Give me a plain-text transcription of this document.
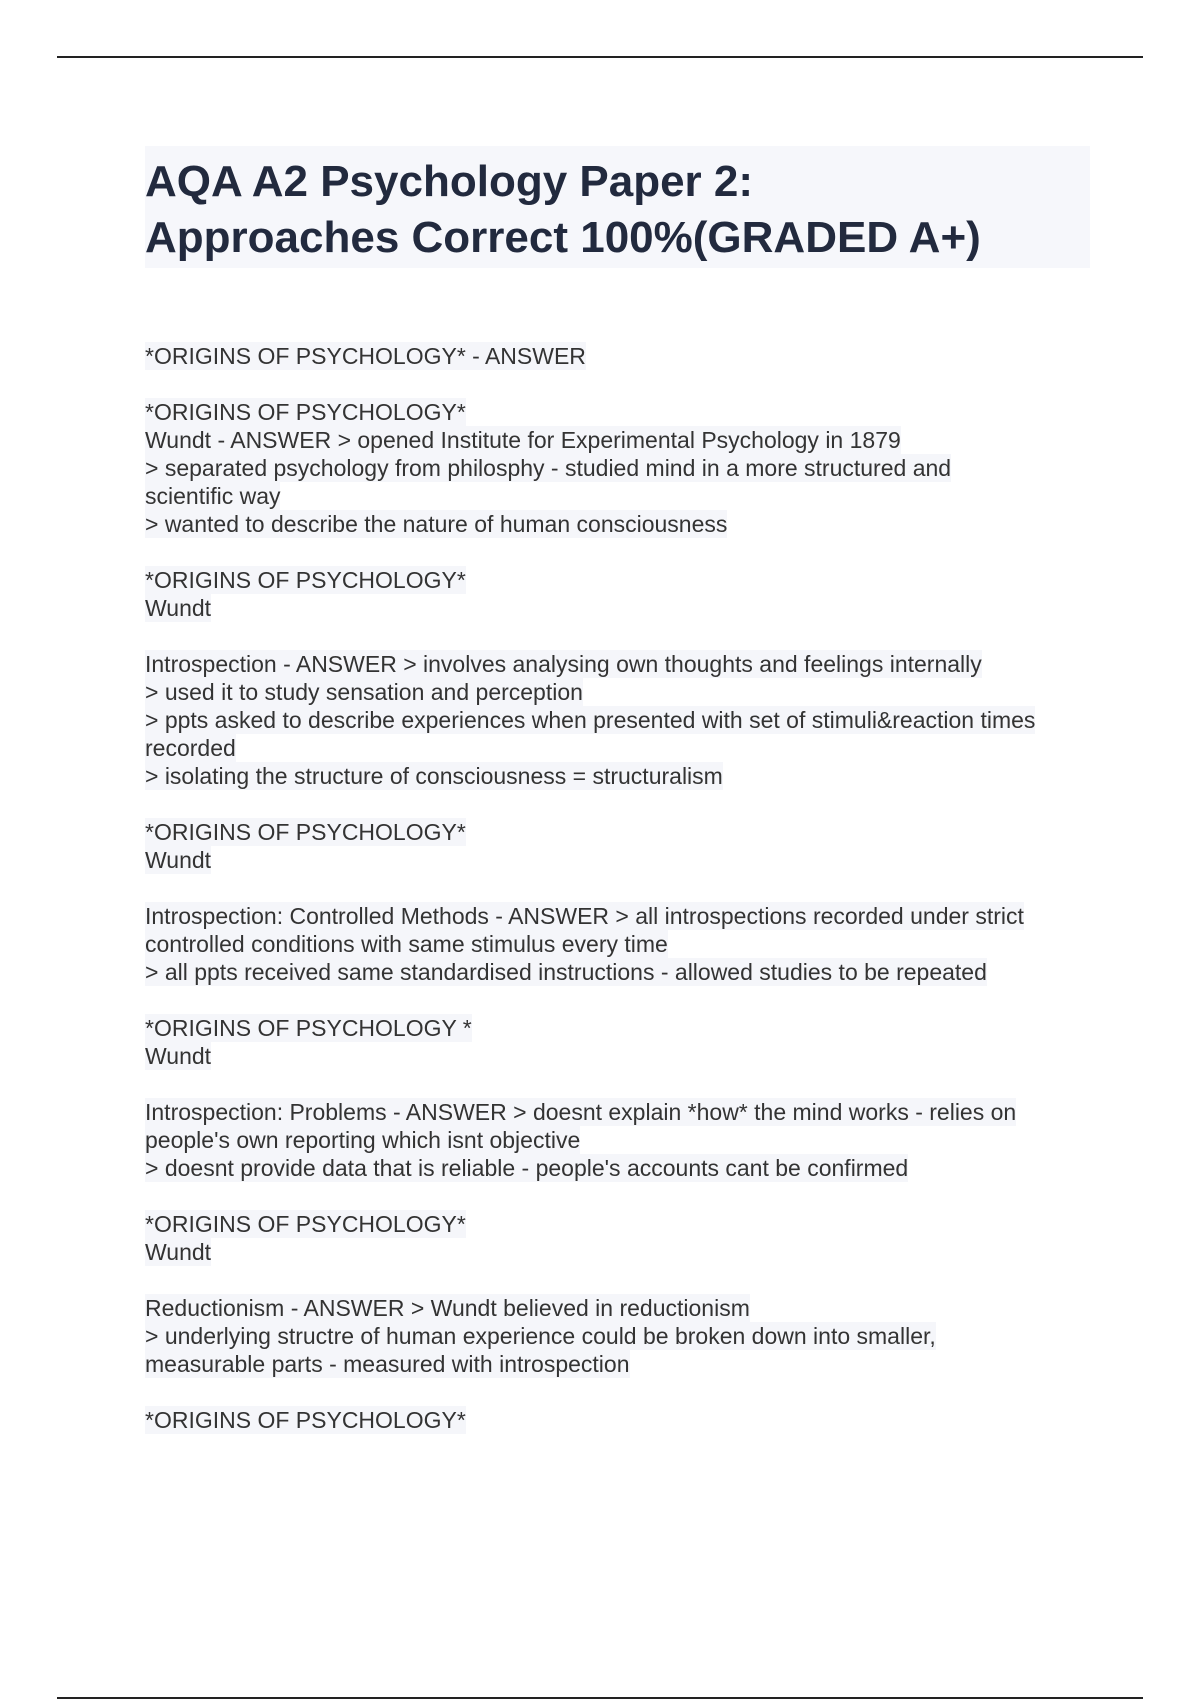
AQA A2 Psychology Paper 2:
Approaches Correct 100%(GRADED A+)
*ORIGINS OF PSYCHOLOGY* - ANSWER
*ORIGINS OF PSYCHOLOGY*
Wundt - ANSWER > opened Institute for Experimental Psychology in 1879
> separated psychology from philosphy - studied mind in a more structured and
scientific way
> wanted to describe the nature of human consciousness
*ORIGINS OF PSYCHOLOGY*
Wundt
Introspection - ANSWER > involves analysing own thoughts and feelings internally
> used it to study sensation and perception
> ppts asked to describe experiences when presented with set of stimuli&reaction times
recorded
> isolating the structure of consciousness = structuralism
*ORIGINS OF PSYCHOLOGY*
Wundt
Introspection: Controlled Methods - ANSWER > all introspections recorded under strict
controlled conditions with same stimulus every time
> all ppts received same standardised instructions - allowed studies to be repeated
*ORIGINS OF PSYCHOLOGY *
Wundt
Introspection: Problems - ANSWER > doesnt explain *how* the mind works - relies on
people's own reporting which isnt objective
> doesnt provide data that is reliable - people's accounts cant be confirmed
*ORIGINS OF PSYCHOLOGY*
Wundt
Reductionism - ANSWER > Wundt believed in reductionism
> underlying structre of human experience could be broken down into smaller,
measurable parts - measured with introspection
*ORIGINS OF PSYCHOLOGY*
